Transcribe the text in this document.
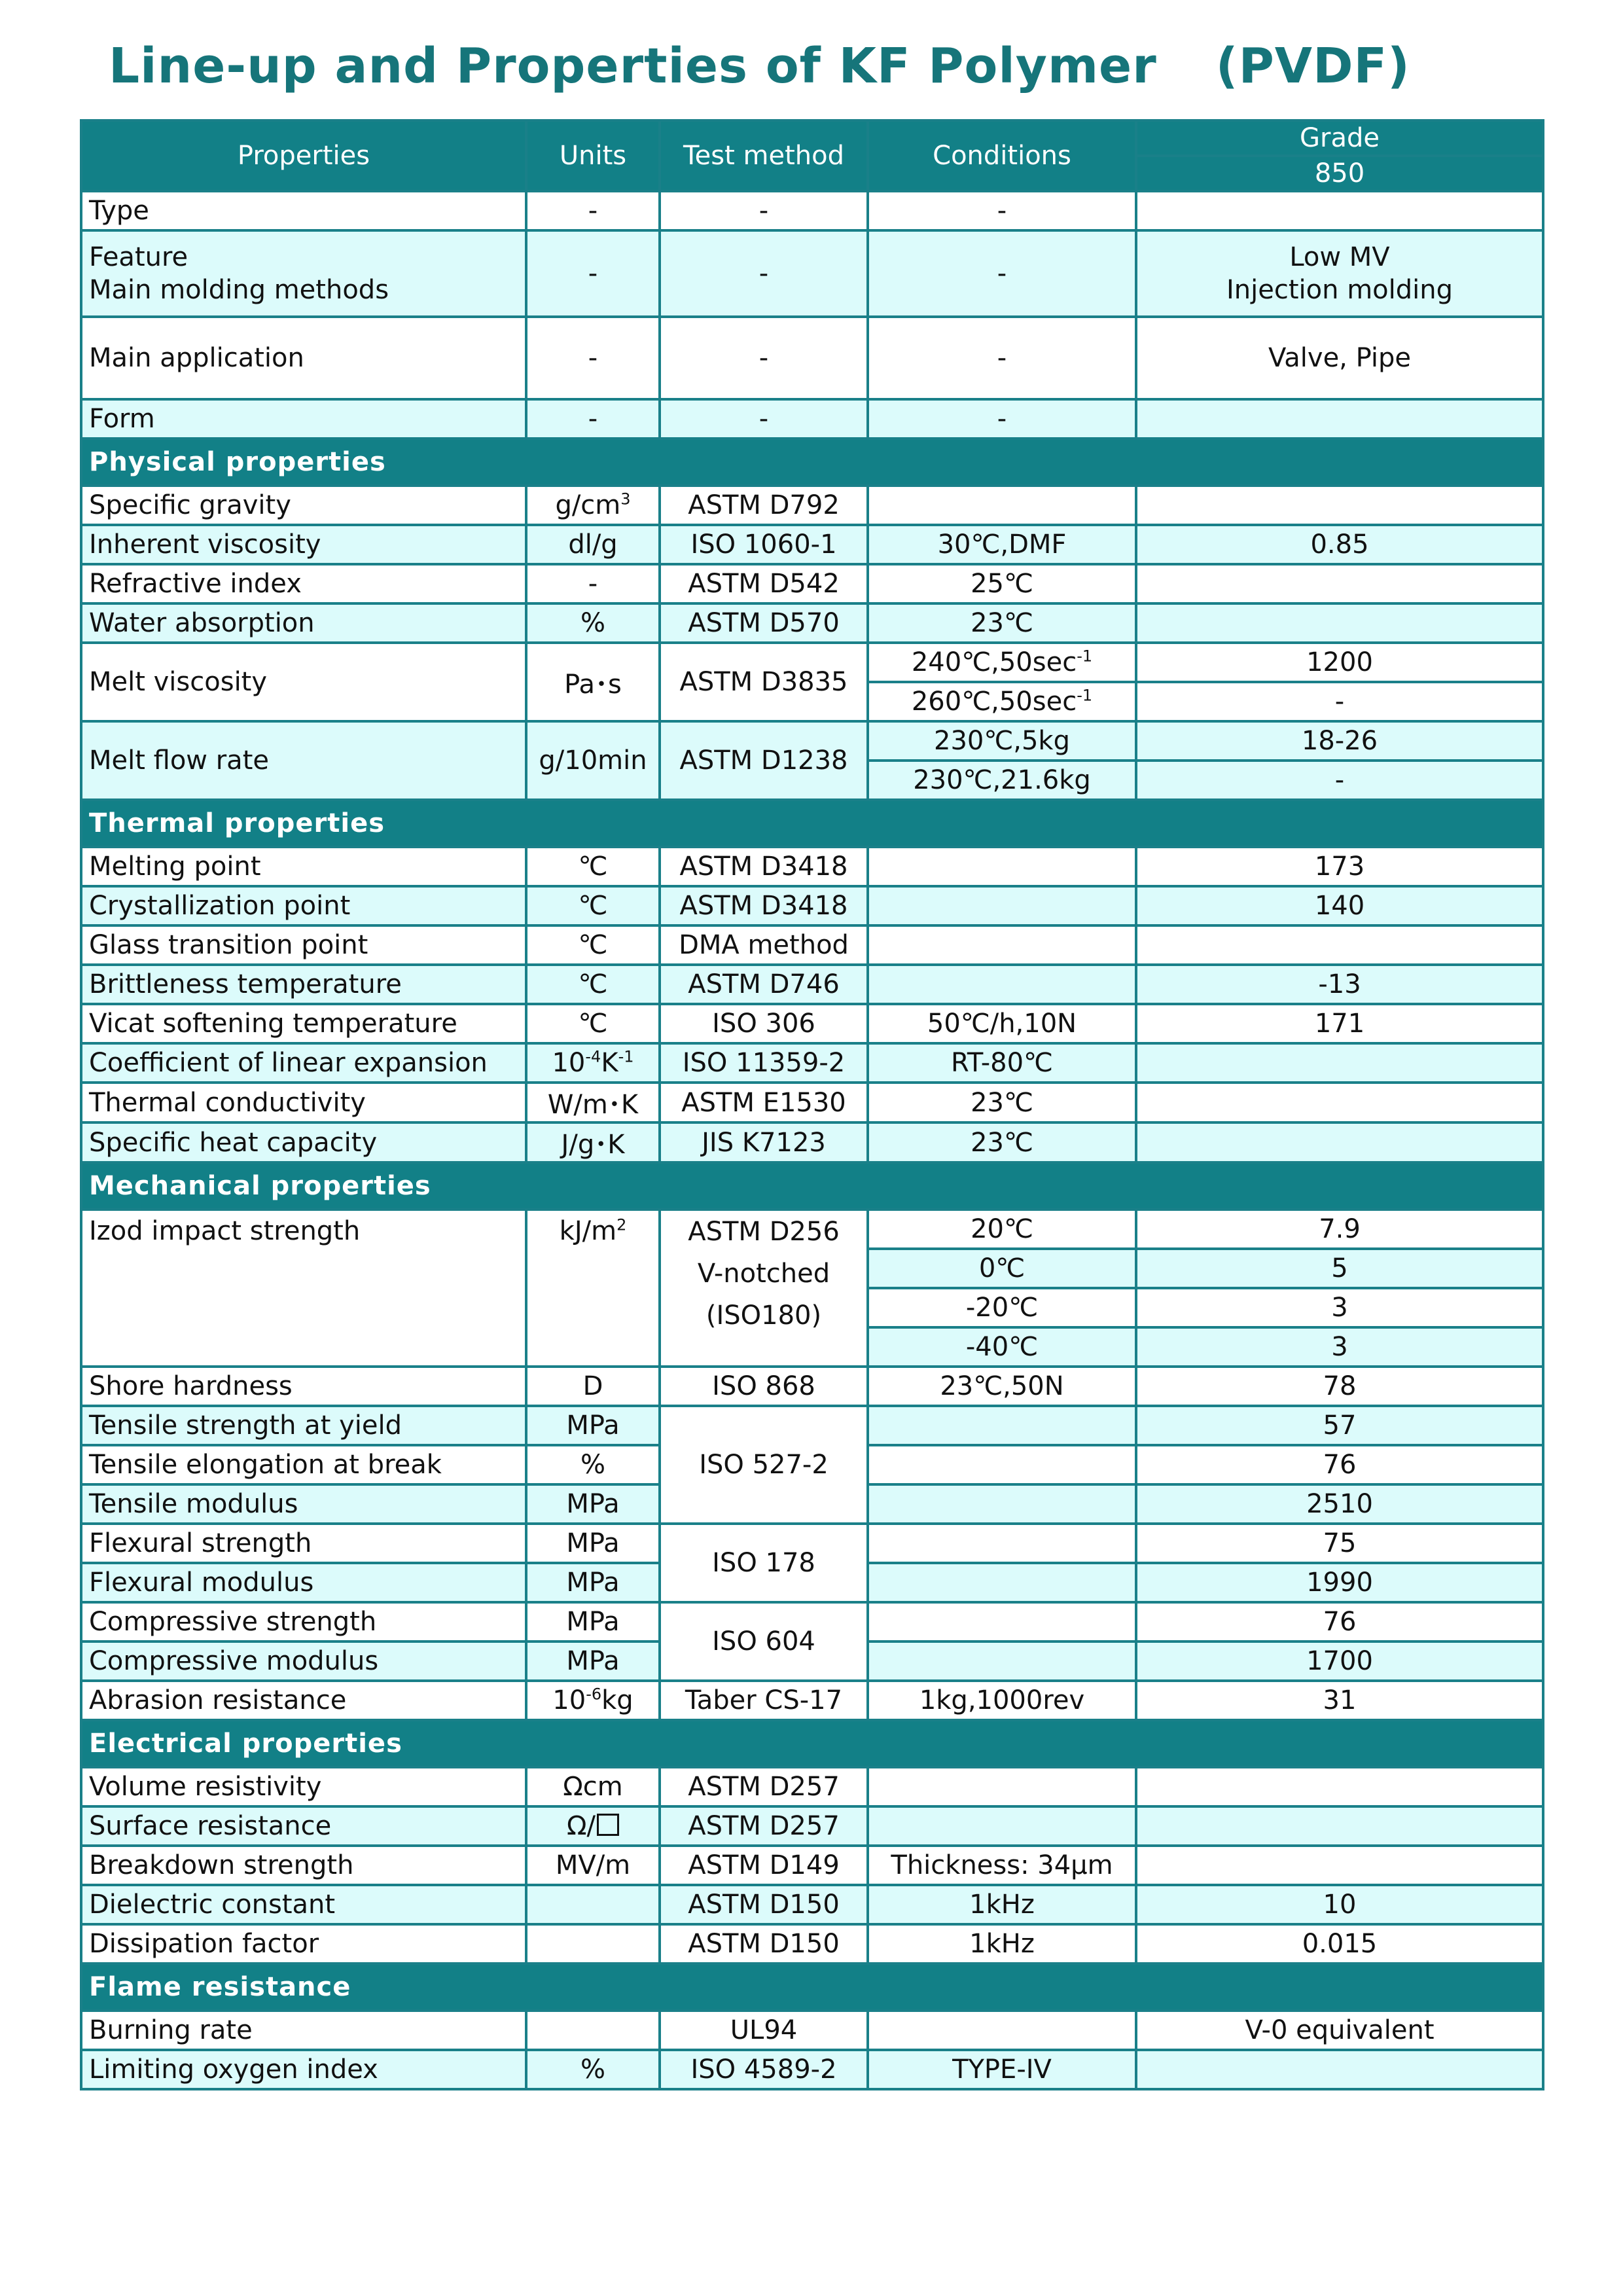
Line-up and Properties of KF Polymer (PVDF)
Properties	Units	Test method	Conditions	Grade
				850
Type	-	-	-	
Feature
Main molding methods	-	-	-	Low MV
Injection molding
Main application	-	-	-	Valve, Pipe
Form	-	-	-	
Physical properties				
Specific gravity	$g/cm^3$	ASTM D792		
Inherent viscosity	dl/g	ISO 1060-1	30℃,DMF	0.85
Refractive index	-	ASTM D542	25℃	
Water absorption	%	ASTM D570	23℃	
Melt viscosity	Pa･s	ASTM D3835	$240℃,50\sec^{-1}$	1200
			$260℃,50\sec^{-1}$	-
Melt flow rate	g/10min	ASTM D1238	230℃,5kg	18-26
			230℃,21.6kg	-
Thermal properties				
Melting point	℃	ASTM D3418		173
Crystallization point	℃	ASTM D3418		140
Glass transition point	℃	DMA method		
Brittleness temperature	℃	ASTM D746		-13
Vicat softening temperature	℃	ISO 306	50℃/h,10N	171
Coefficient of linear expansion	$10^{-4}K^{-1}$	ISO 11359-2	RT-80℃	
Thermal conductivity	W/m･K	ASTM E1530	23℃	
Specific heat capacity	J/g･K	JIS K7123	23℃	
Mechanical properties				
Izod impact strength	$kJ/m^2$	ASTM D256
V-notched
(ISO180)	20℃	7.9
			0℃	5
			-20℃	3
			-40℃	3
Shore hardness	D	ISO 868	23℃,50N	78
Tensile strength at yield	MPa	ISO 527-2		57
Tensile elongation at break	%			76
Tensile modulus	MPa			2510
Flexural strength	MPa	ISO 178		75
Flexural modulus	MPa			1990
Compressive strength	MPa	ISO 604		76
Compressive modulus	MPa			1700
Abrasion resistance	$10^{-6}kg$	Taber CS-17	1kg,1000rev	31
Electrical properties				
Volume resistivity	Ωcm	ASTM D257		
Surface resistance	Ω/	ASTM D257		
Breakdown strength	MV/m	ASTM D149	Thickness: 34μm	
Dielectric constant		ASTM D150	1kHz	10
Dissipation factor		ASTM D150	1kHz	0.015
Flame resistance				
Burning rate		UL94		V-0 equivalent
Limiting oxygen index	%	ISO 4589-2	TYPE-IV	
